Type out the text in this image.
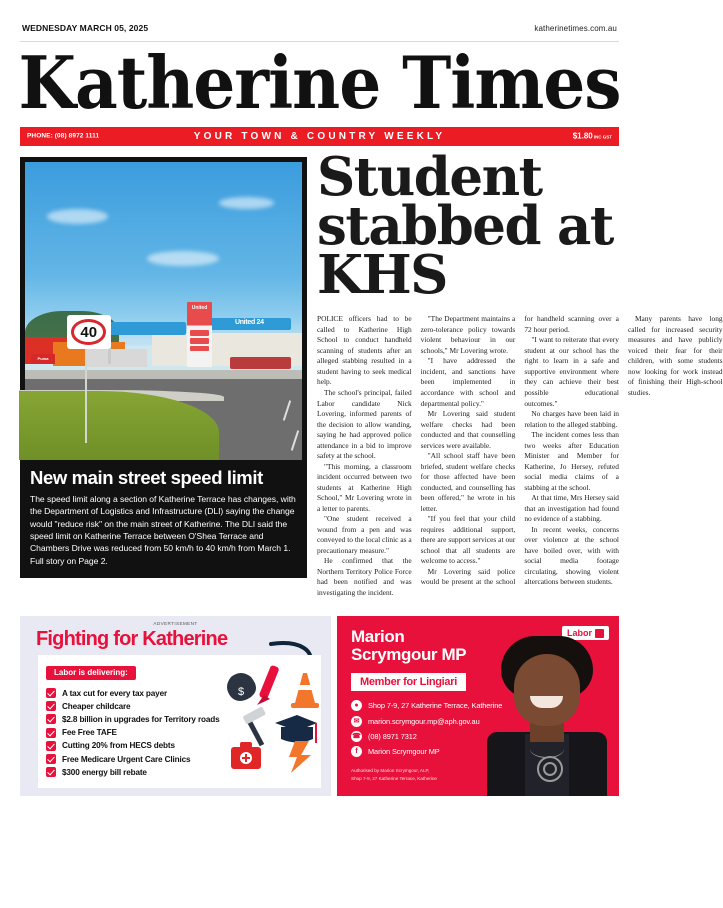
WEDNESDAY MARCH 05, 2025	katherinetimes.com.au
Katherine Times
PHONE: (08) 8972 1111	YOUR TOWN & COUNTRY WEEKLY	$1.80INC GST
United 24
United
Puma
40
New main street speed limit

The speed limit along a section of Katherine Terrace has changes, with the Department of Logistics and Infrastructure (DLI) saying the change would "reduce risk" on the main street of Katherine. The DLI said the speed limit on Katherine Terrace between O'Shea Terrace and Chambers Drive was reduced from 50 km/h to 40 km/h from March 1. Full story on Page 2.

Student stabbed at KHS

POLICE officers had to be called to Katherine High School to conduct handheld scanning of students after an alleged stabbing resulted in a student having to seek medical help.

The school's principal, failed Labor candidate Nick Lovering, informed parents of the decision to allow wanding, saying he had approved police attendance in a bid to improve safety at the school.

"This morning, a classroom incident occurred between two students at Katherine High School," Mr Lovering wrote in a letter to parents.

"One student received a wound from a pen and was conveyed to the local clinic as a precautionary measure."

He confirmed that the Northern Territory Police Force had been notified and was investigating the incident.

"The Department maintains a zero-tolerance policy towards violent behaviour in our schools," Mr Lovering wrote.

"I have addressed the incident, and sanctions have been implemented in accordance with school and departmental policy."

Mr Lovering said student welfare checks had been conducted and that counselling services were available.

"All school staff have been briefed, student welfare checks for those affected have been conducted, and counselling has been offered," he wrote in his letter.

"If you feel that your child requires additional support, there are support services at our school that all students are welcome to access."

Mr Lovering said police would be present at the school for handheld scanning over a 72 hour period.

"I want to reiterate that every student at our school has the right to learn in a safe and supportive environment where they can achieve their best possible educational outcomes."

No charges have been laid in relation to the alleged stabbing.

The incident comes less than two weeks after Education Minister and Member for Katherine, Jo Hersey, refuted social media claims of a stabbing at the school.

At that time, Mrs Hersey said that an investigation had found no evidence of a stabbing.

In recent weeks, concerns over violence at the school have boiled over, with with social media footage circulating, showing violent altercations between students.

Many parents have long called for increased security measures and have publicly voiced their fear for their children, with some students now looking for work instead of finishing their High-school studies.

ADVERTISEMENT
Fighting for Katherine
Labor is delivering:
A tax cut for every tax payer
Cheaper childcare
$2.8 billion in upgrades for Territory roads
Fee Free TAFE
Cutting 20% from HECS debts
Free Medicare Urgent Care Clinics
$300 energy bill rebate
$
Marion
Scrymgour MP
Member for Lingiari
●	Shop 7-9, 27 Katherine Terrace, Katherine
✉	marion.scrymgour.mp@aph.gov.au
☎ (08) 8971 7312
f	Marion Scrymgour MP
Authorised by Marion Scrymgour, ALP,
Shop 7-9, 27 Katherine Terrace, Katherine
Labor
